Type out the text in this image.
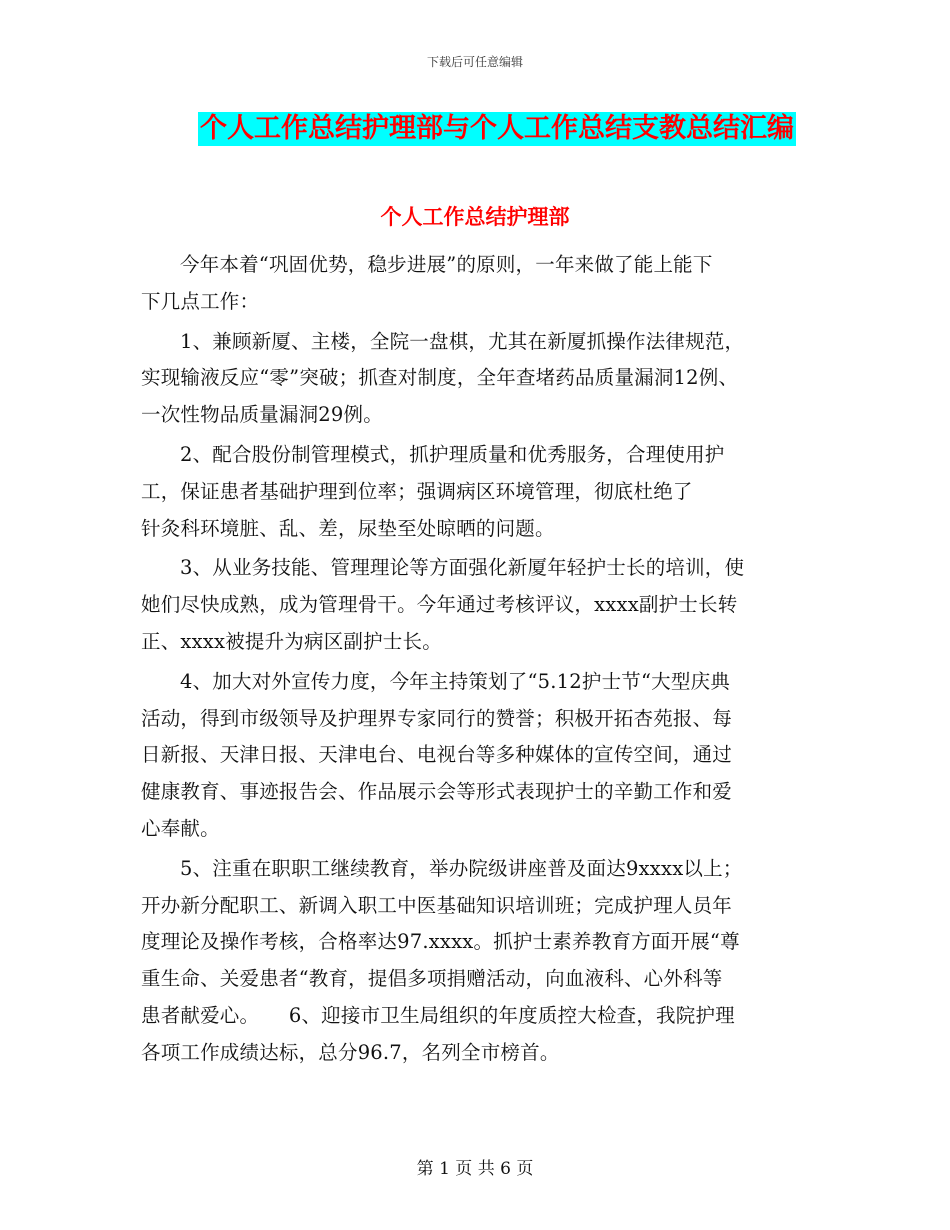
下载后可任意编辑
个人工作总结护理部与个人工作总结支教总结汇编
个人工作总结护理部

今年本着“巩固优势，稳步进展”的原则，一年来做了能上能下
下几点工作：

1、兼顾新厦、主楼，全院一盘棋，尤其在新厦抓操作法律规范，
实现输液反应“零”突破；抓查对制度，全年查堵药品质量漏洞12例、
一次性物品质量漏洞29例。

2、配合股份制管理模式，抓护理质量和优秀服务，合理使用护
工，保证患者基础护理到位率；强调病区环境管理，彻底杜绝了
针灸科环境脏、乱、差，尿垫至处晾晒的问题。

3、从业务技能、管理理论等方面强化新厦年轻护士长的培训，使
她们尽快成熟，成为管理骨干。今年通过考核评议，xxxx副护士长转
正、xxxx被提升为病区副护士长。

4、加大对外宣传力度，今年主持策划了“5.12护士节“大型庆典
活动，得到市级领导及护理界专家同行的赞誉；积极开拓杏苑报、每
日新报、天津日报、天津电台、电视台等多种媒体的宣传空间，通过
健康教育、事迹报告会、作品展示会等形式表现护士的辛勤工作和爱
心奉献。

5、注重在职职工继续教育，举办院级讲座普及面达9xxxx以上；
开办新分配职工、新调入职工中医基础知识培训班；完成护理人员年
度理论及操作考核，合格率达97.xxxx。抓护士素养教育方面开展“尊
重生命、关爱患者“教育，提倡多项捐赠活动，向血液科、心外科等
患者献爱心。　　6、迎接市卫生局组织的年度质控大检查，我院护理
各项工作成绩达标，总分96.7，名列全市榜首。

第 1 页 共 6 页
